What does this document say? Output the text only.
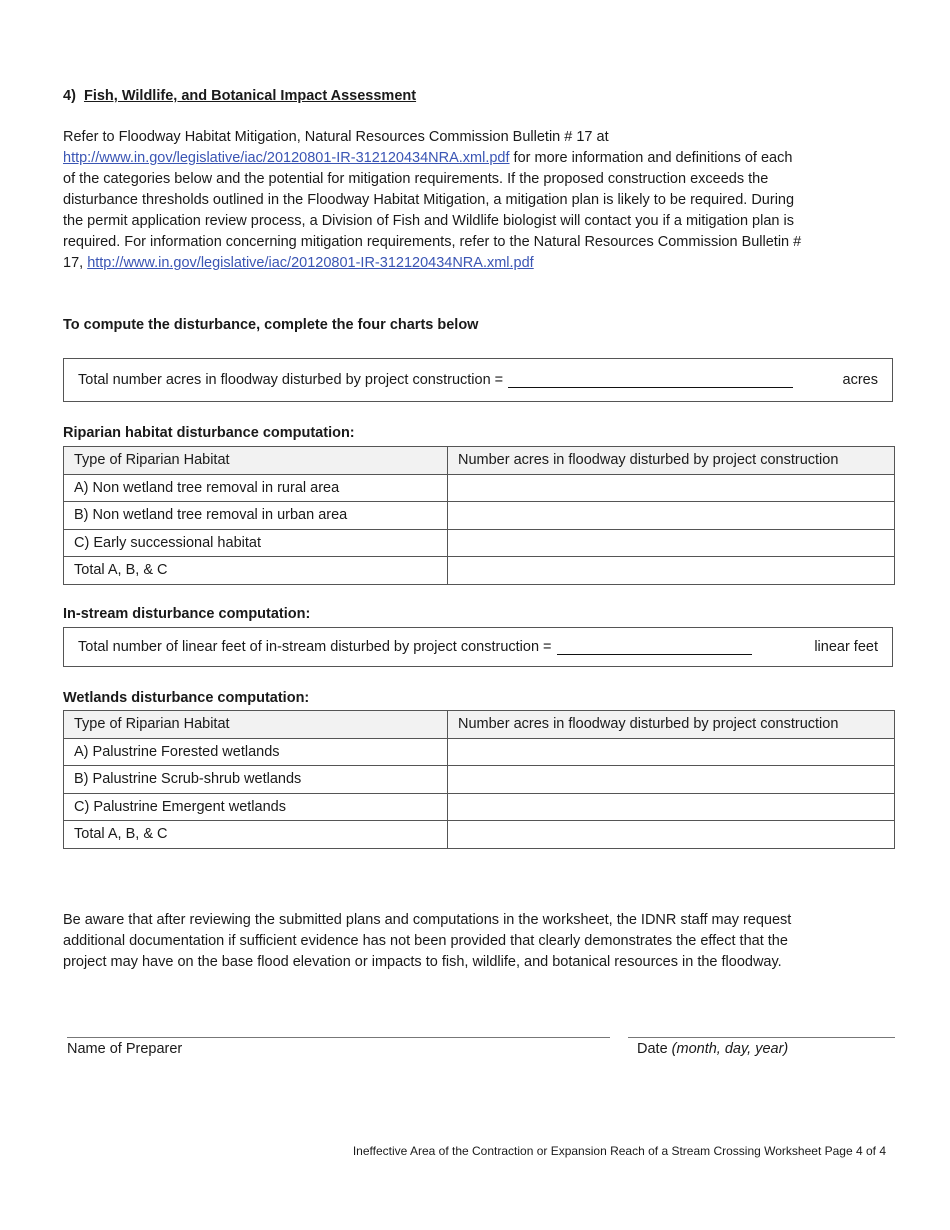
4) Fish, Wildlife, and Botanical Impact Assessment
Refer to Floodway Habitat Mitigation, Natural Resources Commission Bulletin # 17 at
http://www.in.gov/legislative/iac/20120801-IR-312120434NRA.xml.pdf for more information and definitions of each
of the categories below and the potential for mitigation requirements. If the proposed construction exceeds the
disturbance thresholds outlined in the Floodway Habitat Mitigation, a mitigation plan is likely to be required. During
the permit application review process, a Division of Fish and Wildlife biologist will contact you if a mitigation plan is
required. For information concerning mitigation requirements, refer to the Natural Resources Commission Bulletin #
17, http://www.in.gov/legislative/iac/20120801-IR-312120434NRA.xml.pdf
To compute the disturbance, complete the four charts below
Total number acres in floodway disturbed by project construction =	acres
Riparian habitat disturbance computation:
Type of Riparian Habitat	Number acres in floodway disturbed by project construction
A) Non wetland tree removal in rural area	
B) Non wetland tree removal in urban area	
C) Early successional habitat	
Total A, B, & C	
In-stream disturbance computation:
Total number of linear feet of in-stream disturbed by project construction =	linear feet
Wetlands disturbance computation:
Type of Riparian Habitat	Number acres in floodway disturbed by project construction
A) Palustrine Forested wetlands	
B) Palustrine Scrub-shrub wetlands	
C) Palustrine Emergent wetlands	
Total A, B, & C	
Be aware that after reviewing the submitted plans and computations in the worksheet, the IDNR staff may request
additional documentation if sufficient evidence has not been provided that clearly demonstrates the effect that the
project may have on the base flood elevation or impacts to fish, wildlife, and botanical resources in the floodway.
Name of Preparer	Date (month, day, year)
Ineffective Area of the Contraction or Expansion Reach of a Stream Crossing Worksheet Page 4 of 4
